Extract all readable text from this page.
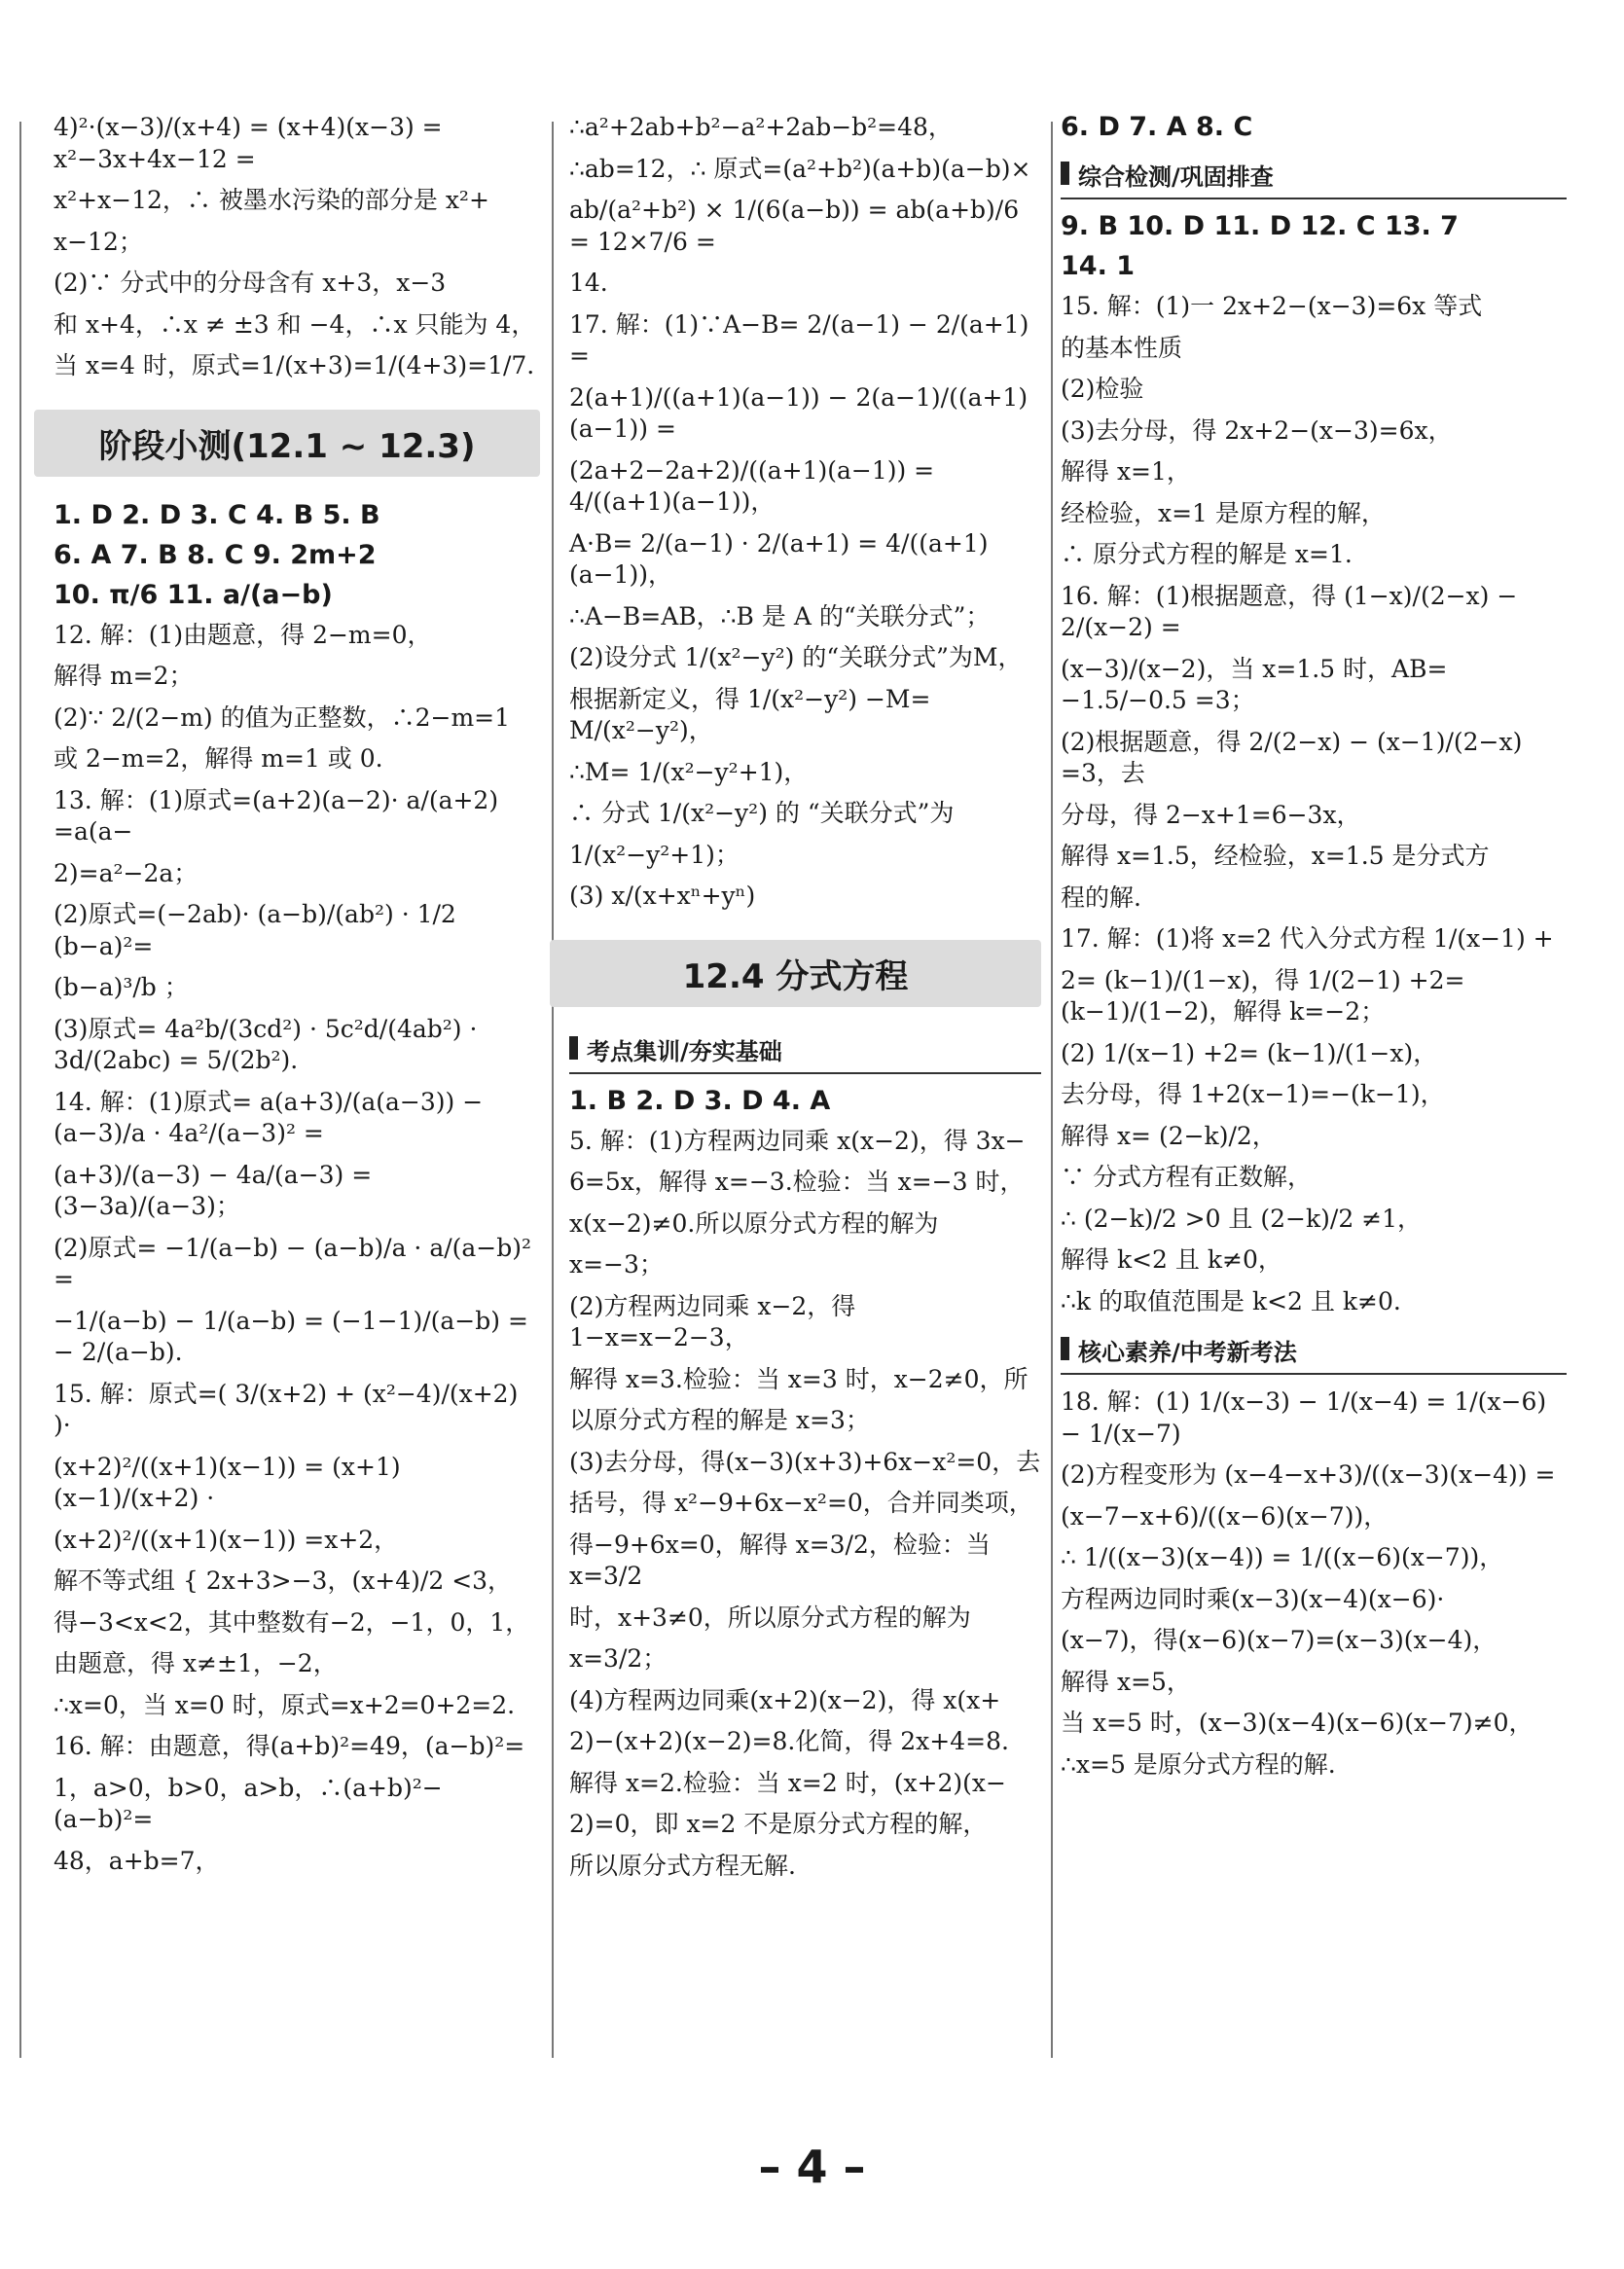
4)²·(x−3)/(x+4) = (x+4)(x−3) = x²−3x+4x−12 =
x²+x−12，∴ 被墨水污染的部分是 x²+
x−12；
(2)∵ 分式中的分母含有 x+3，x−3
和 x+4，∴x ≠ ±3 和 −4，∴x 只能为 4，
当 x=4 时，原式=1/(x+3)=1/(4+3)=1/7.
阶段小测(12.1 ~ 12.3)
1. D 2. D 3. C 4. B 5. B
6. A 7. B 8. C 9. 2m+2
10. π/6 11. a/(a−b)
12. 解：(1)由题意，得 2−m=0，
解得 m=2；
(2)∵ 2/(2−m) 的值为正整数，∴2−m=1
或 2−m=2，解得 m=1 或 0.
13. 解：(1)原式=(a+2)(a−2)· a/(a+2) =a(a−
2)=a²−2a；
(2)原式=(−2ab)· (a−b)/(ab²) · 1/2 (b−a)²=
(b−a)³/b ；
(3)原式= 4a²b/(3cd²) · 5c²d/(4ab²) · 3d/(2abc) = 5/(2b²).
14. 解：(1)原式= a(a+3)/(a(a−3)) − (a−3)/a · 4a²/(a−3)² =
(a+3)/(a−3) − 4a/(a−3) = (3−3a)/(a−3)；
(2)原式= −1/(a−b) − (a−b)/a · a/(a−b)² =
−1/(a−b) − 1/(a−b) = (−1−1)/(a−b) = − 2/(a−b).
15. 解：原式=( 3/(x+2) + (x²−4)/(x+2) )·
(x+2)²/((x+1)(x−1)) = (x+1)(x−1)/(x+2) ·
(x+2)²/((x+1)(x−1)) =x+2，
解不等式组 { 2x+3>−3，(x+4)/2 <3，
得−3<x<2，其中整数有−2，−1，0，1，
由题意，得 x≠±1，−2，
∴x=0，当 x=0 时，原式=x+2=0+2=2.
16. 解：由题意，得(a+b)²=49，(a−b)²=
1，a>0，b>0，a>b，∴(a+b)²−(a−b)²=
48，a+b=7，
∴a²+2ab+b²−a²+2ab−b²=48，
∴ab=12，∴ 原式=(a²+b²)(a+b)(a−b)×
ab/(a²+b²) × 1/(6(a−b)) = ab(a+b)/6 = 12×7/6 =
14.
17. 解：(1)∵A−B= 2/(a−1) − 2/(a+1) =
2(a+1)/((a+1)(a−1)) − 2(a−1)/((a+1)(a−1)) =
(2a+2−2a+2)/((a+1)(a−1)) = 4/((a+1)(a−1))，
A·B= 2/(a−1) · 2/(a+1) = 4/((a+1)(a−1))，
∴A−B=AB，∴B 是 A 的“关联分式”；
(2)设分式 1/(x²−y²) 的“关联分式”为M，
根据新定义，得 1/(x²−y²) −M= M/(x²−y²)，
∴M= 1/(x²−y²+1)，
∴ 分式 1/(x²−y²) 的 “关联分式”为
1/(x²−y²+1)；
(3) x/(x+xⁿ+yⁿ)
12.4 分式方程
考点集训/夯实基础
1. B 2. D 3. D 4. A
5. 解：(1)方程两边同乘 x(x−2)，得 3x−
6=5x，解得 x=−3.检验：当 x=−3 时，
x(x−2)≠0.所以原分式方程的解为
x=−3；
(2)方程两边同乘 x−2，得 1−x=x−2−3，
解得 x=3.检验：当 x=3 时，x−2≠0，所
以原分式方程的解是 x=3；
(3)去分母，得(x−3)(x+3)+6x−x²=0，去
括号，得 x²−9+6x−x²=0，合并同类项，
得−9+6x=0，解得 x=3/2，检验：当 x=3/2
时，x+3≠0，所以原分式方程的解为
x=3/2；
(4)方程两边同乘(x+2)(x−2)，得 x(x+
2)−(x+2)(x−2)=8.化简，得 2x+4=8.
解得 x=2.检验：当 x=2 时，(x+2)(x−
2)=0，即 x=2 不是原分式方程的解，
所以原分式方程无解.
6. D 7. A 8. C
综合检测/巩固排查
9. B 10. D 11. D 12. C 13. 7
14. 1
15. 解：(1)一 2x+2−(x−3)=6x 等式
的基本性质
(2)检验
(3)去分母，得 2x+2−(x−3)=6x，
解得 x=1，
经检验，x=1 是原方程的解，
∴ 原分式方程的解是 x=1.
16. 解：(1)根据题意，得 (1−x)/(2−x) − 2/(x−2) =
(x−3)/(x−2)，当 x=1.5 时，AB= −1.5/−0.5 =3；
(2)根据题意，得 2/(2−x) − (x−1)/(2−x) =3，去
分母，得 2−x+1=6−3x，
解得 x=1.5，经检验，x=1.5 是分式方
程的解.
17. 解：(1)将 x=2 代入分式方程 1/(x−1) +
2= (k−1)/(1−x)，得 1/(2−1) +2= (k−1)/(1−2)，解得 k=−2；
(2) 1/(x−1) +2= (k−1)/(1−x)，
去分母，得 1+2(x−1)=−(k−1)，
解得 x= (2−k)/2，
∵ 分式方程有正数解，
∴ (2−k)/2 >0 且 (2−k)/2 ≠1，
解得 k<2 且 k≠0，
∴k 的取值范围是 k<2 且 k≠0.
核心素养/中考新考法
18. 解：(1) 1/(x−3) − 1/(x−4) = 1/(x−6) − 1/(x−7)
(2)方程变形为 (x−4−x+3)/((x−3)(x−4)) =
(x−7−x+6)/((x−6)(x−7))，
∴ 1/((x−3)(x−4)) = 1/((x−6)(x−7))，
方程两边同时乘(x−3)(x−4)(x−6)·
(x−7)，得(x−6)(x−7)=(x−3)(x−4)，
解得 x=5，
当 x=5 时，(x−3)(x−4)(x−6)(x−7)≠0，
∴x=5 是原分式方程的解.
– 4 –
